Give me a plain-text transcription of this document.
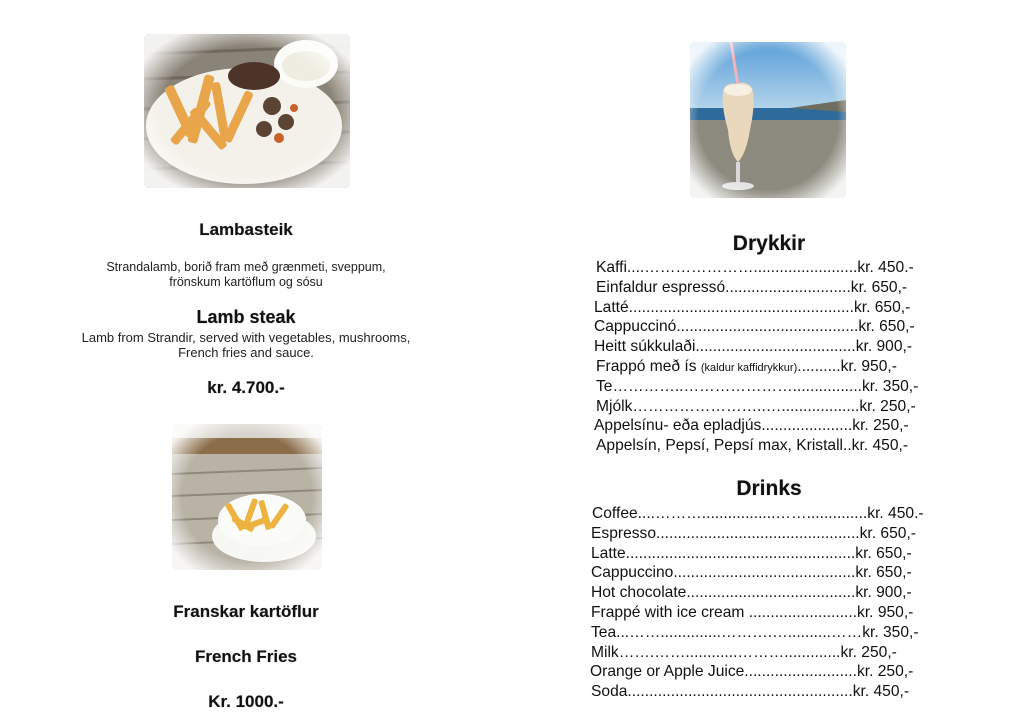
Lambasteik
Strandalamb, borið fram með grænmeti, sveppum,
frönskum kartöflum og sósu
Lamb steak
Lamb from Strandir, served with vegetables, mushrooms,
French fries and sauce.
kr. 4.700.-
Franskar kartöflur
French Fries
Kr. 1000.-
Drykkir
Kaffi....…………………........................kr. 450.-
Einfaldur espressó.............................kr. 650,-
Latté....................................................kr. 650,-
Cappuccinó..........................................kr. 650,-
Heitt súkkulaði.....................................kr. 900,-
Frappó með ís (kaldur kaffidrykkur)..........kr. 950,-
Te…………..…………………................kr. 350,-
Mjólk……………………..…..................kr. 250,-
Appelsínu- eða epladjús.....................kr. 250,-
Appelsín, Pepsí, Pepsí max, Kristall..kr. 450,-
Drinks
Coffee....……….................……..............kr. 450.-
Espresso...............................................kr. 650,-
Latte.....................................................kr. 650,-
Cappuccino..........................................kr. 650,-
Hot chocolate.......................................kr. 900,-
Frappé with ice cream .........................kr. 950,-
Tea...……..............……….…..........……kr. 350,-
Milk…….……............……….............kr. 250,-
Orange or Apple Juice..........................kr. 250,-
Soda....................................................kr. 450,-
